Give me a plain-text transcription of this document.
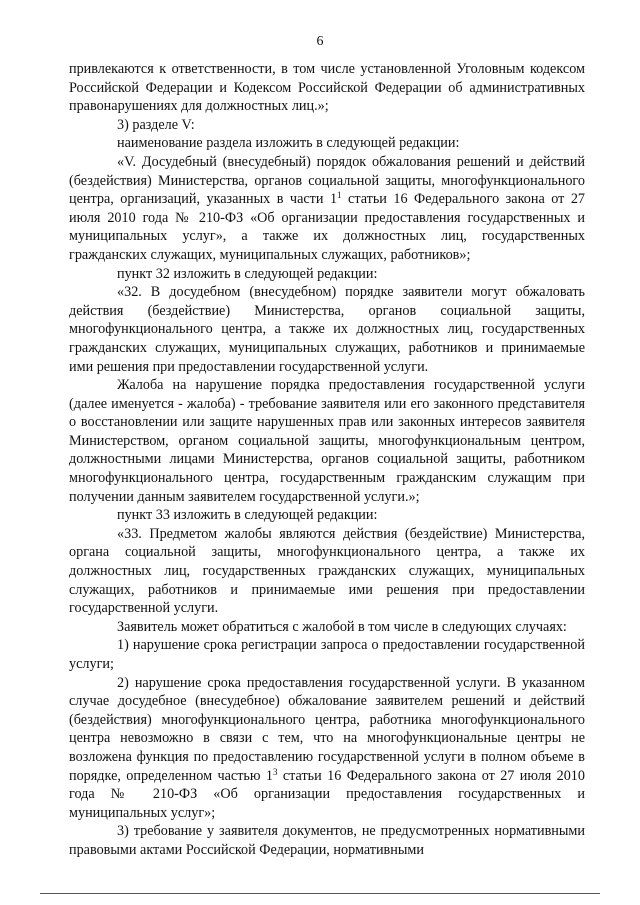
6

привлекаются к ответственности, в том числе установленной Уголовным кодексом Российской Федерации и Кодексом Российской Федерации об административных правонарушениях для должностных лиц.»;

3) разделе V:

наименование раздела изложить в следующей редакции:

«V. Досудебный (внесудебный) порядок обжалования решений и действий (бездействия) Министерства, органов социальной защиты, многофункционального центра, организаций, указанных в части $1^1$ статьи 16 Федерального закона от 27 июля 2010 года № 210-ФЗ «Об организации предоставления государственных и муниципальных услуг», а также их должностных лиц, государственных гражданских служащих, муниципальных служащих, работников»;

пункт 32 изложить в следующей редакции:

«32. В досудебном (внесудебном) порядке заявители могут обжаловать действия (бездействие) Министерства, органов социальной защиты, многофункционального центра, а также их должностных лиц, государственных гражданских служащих, муниципальных служащих, работников и принимаемые ими решения при предоставлении государственной услуги.

Жалоба на нарушение порядка предоставления государственной услуги (далее именуется - жалоба) - требование заявителя или его законного представителя о восстановлении или защите нарушенных прав или законных интересов заявителя Министерством, органом социальной защиты, многофункциональным центром, должностными лицами Министерства, органов социальной защиты, работником многофункционального центра, государственным гражданским служащим при получении данным заявителем государственной услуги.»;

пункт 33 изложить в следующей редакции:

«33. Предметом жалобы являются действия (бездействие) Министерства, органа социальной защиты, многофункционального центра, а также их должностных лиц, государственных гражданских служащих, муниципальных служащих, работников и принимаемые ими решения при предоставлении государственной услуги.

Заявитель может обратиться с жалобой в том числе в следующих случаях:

1) нарушение срока регистрации запроса о предоставлении государственной услуги;

2) нарушение срока предоставления государственной услуги. В указанном случае досудебное (внесудебное) обжалование заявителем решений и действий (бездействия) многофункционального центра, работника многофункционального центра невозможно в связи с тем, что на многофункциональные центры не возложена функция по предоставлению государственной услуги в полном объеме в порядке, определенном частью $1^3$ статьи 16 Федерального закона от 27 июля 2010 года № 210-ФЗ «Об организации предоставления государственных и муниципальных услуг»;

3) требование у заявителя документов, не предусмотренных нормативными правовыми актами Российской Федерации, нормативными
